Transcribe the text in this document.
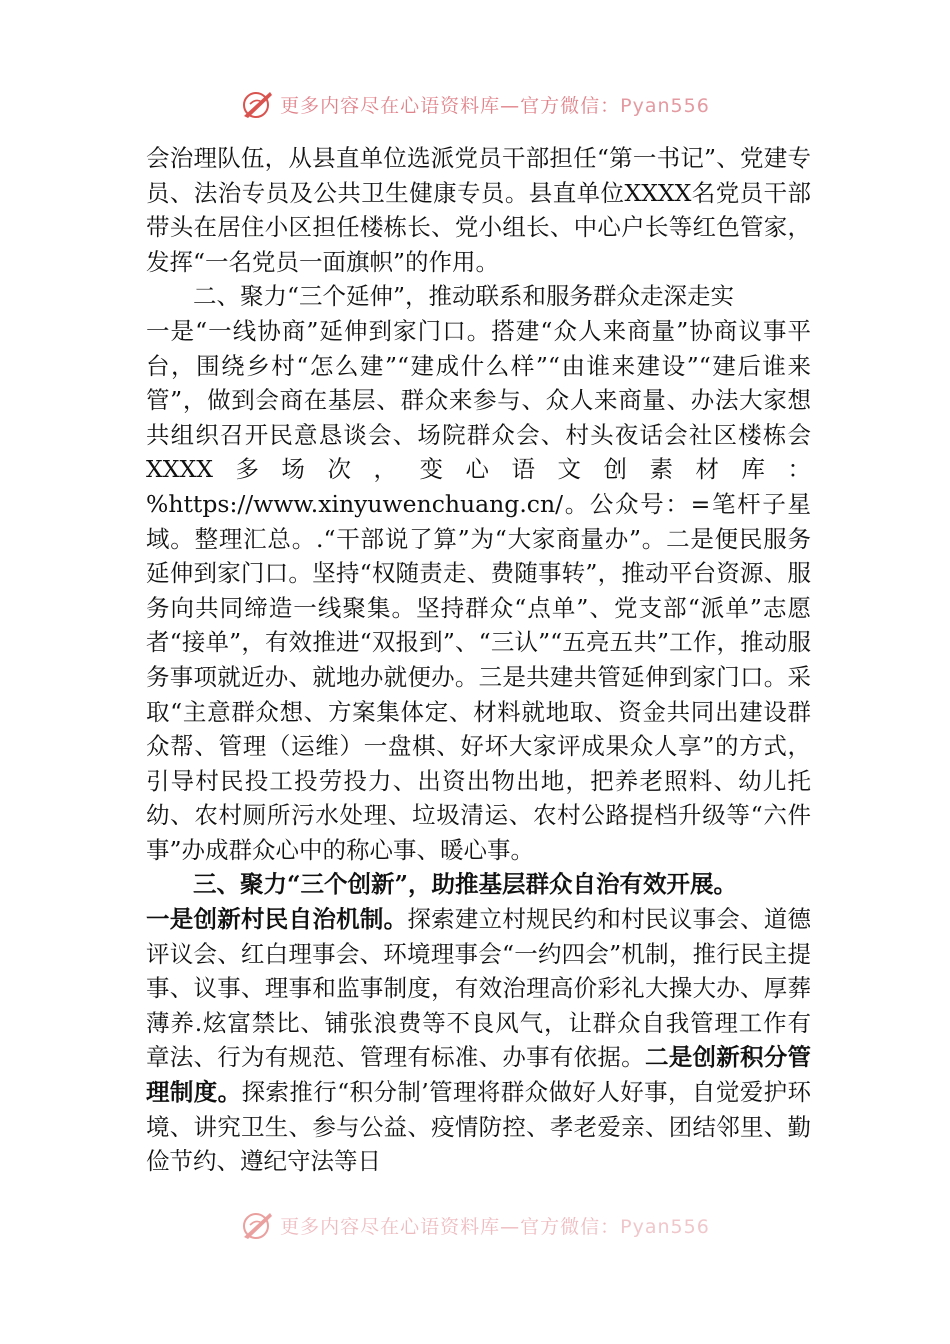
更多内容尽在心语资料库—官方微信：Pyan556

会治理队伍，从县直单位选派党员干部担任“第一书记”、党建专员、法治专员及公共卫生健康专员。县直单位XXXX名党员干部带头在居住小区担任楼栋长、党小组长、中心户长等红色管家，发挥“一名党员一面旗帜”的作用。

二、聚力“三个延伸”，推动联系和服务群众走深走实

一是“一线协商”延伸到家门口。搭建“众人来商量”协商议事平台，围绕乡村“怎么建”“建成什么样”“由谁来建设”“建后谁来管”，做到会商在基层、群众来参与、众人来商量、办法大家想共组织召开民意恳谈会、场院群众会、村头夜话会社区楼栋会XXXX多场次，变心语文创素材库：%https://www.xinyuwenchuang.cn/。公众号：=笔杆子星域。整理汇总。.“干部说了算”为“大家商量办”。二是便民服务延伸到家门口。坚持“权随责走、费随事转”，推动平台资源、服务向共同缔造一线聚集。坚持群众“点单”、党支部“派单”志愿者“接单”，有效推进“双报到”、“三认”“五亮五共”工作，推动服务事项就近办、就地办就便办。三是共建共管延伸到家门口。采取“主意群众想、方案集体定、材料就地取、资金共同出建设群众帮、管理（运维）一盘棋、好坏大家评成果众人享”的方式，引导村民投工投劳投力、出资出物出地，把养老照料、幼儿托幼、农村厕所污水处理、垃圾清运、农村公路提档升级等“六件事”办成群众心中的称心事、暖心事。

三、聚力“三个创新”，助推基层群众自治有效开展。

一是创新村民自治机制。探索建立村规民约和村民议事会、道德评议会、红白理事会、环境理事会“一约四会”机制，推行民主提事、议事、理事和监事制度，有效治理高价彩礼大操大办、厚葬薄养.炫富禁比、铺张浪费等不良风气，让群众自我管理工作有章法、行为有规范、管理有标准、办事有依据。二是创新积分管理制度。探索推行“积分制’管理将群众做好人好事，自觉爱护环境、讲究卫生、参与公益、疫情防控、孝老爱亲、团结邻里、勤俭节约、遵纪守法等日

更多内容尽在心语资料库—官方微信：Pyan556
